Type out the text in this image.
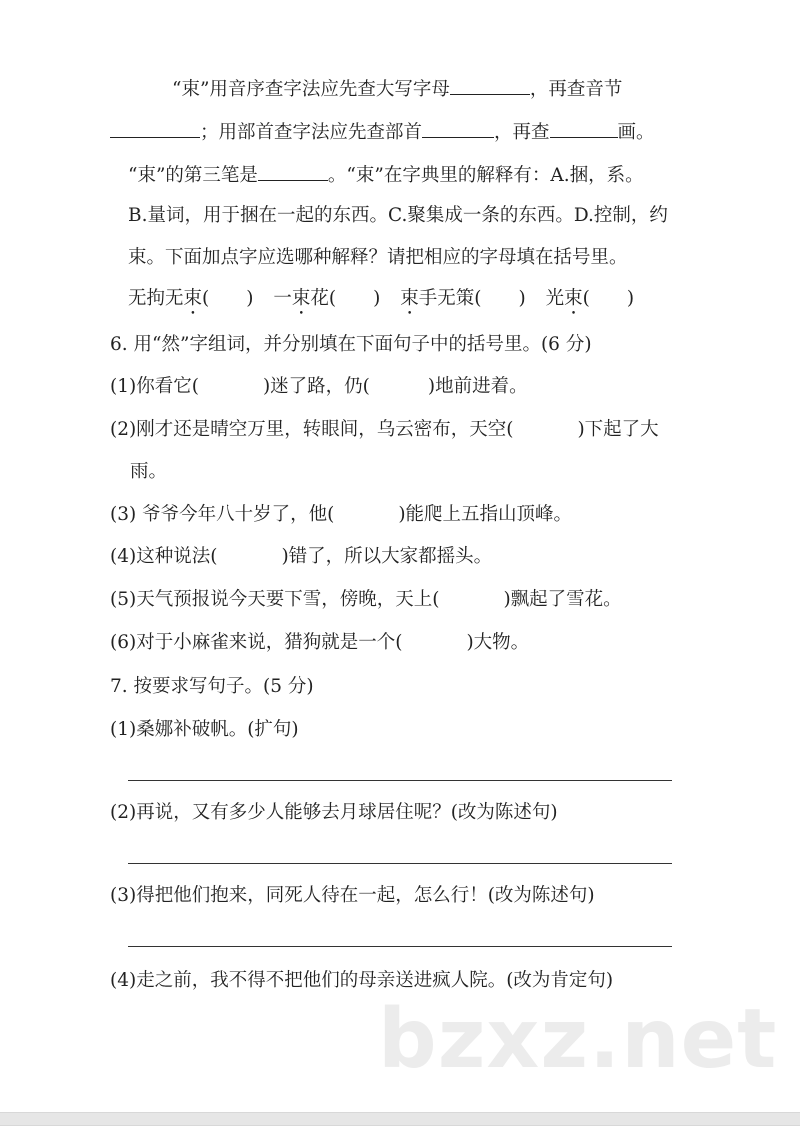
“束”用音序查字法应先查大写字母	，再查音节
；用部首查字法应先查部首	，再查	画。
“束”的第三笔是	。“束”在字典里的解释有：A.捆，系。
B.量词，用于捆在一起的东西。C.聚集成一条的东西。D.控制，约
束。下面加点字应选哪种解释？请把相应的字母填在括号里。
无拘无束(　　) 一束花(　　) 束手无策(　　) 光束(　　)
6. 用“然”字组词，并分别填在下面句子中的括号里。(6 分)
(1)你看它(	)迷了路，仍(	)地前进着。
(2)刚才还是晴空万里，转眼间，乌云密布，天空(	)下起了大
雨。
(3) 爷爷今年八十岁了，他(	)能爬上五指山顶峰。
(4)这种说法(	)错了，所以大家都摇头。
(5)天气预报说今天要下雪，傍晚，天上(	)飘起了雪花。
(6)对于小麻雀来说，猎狗就是一个(	)大物。
7. 按要求写句子。(5 分)
(1)桑娜补破帆。(扩句)
(2)再说，又有多少人能够去月球居住呢？(改为陈述句)
(3)得把他们抱来，同死人待在一起，怎么行！(改为陈述句)
(4)走之前，我不得不把他们的母亲送进疯人院。(改为肯定句)
bzxz.net
